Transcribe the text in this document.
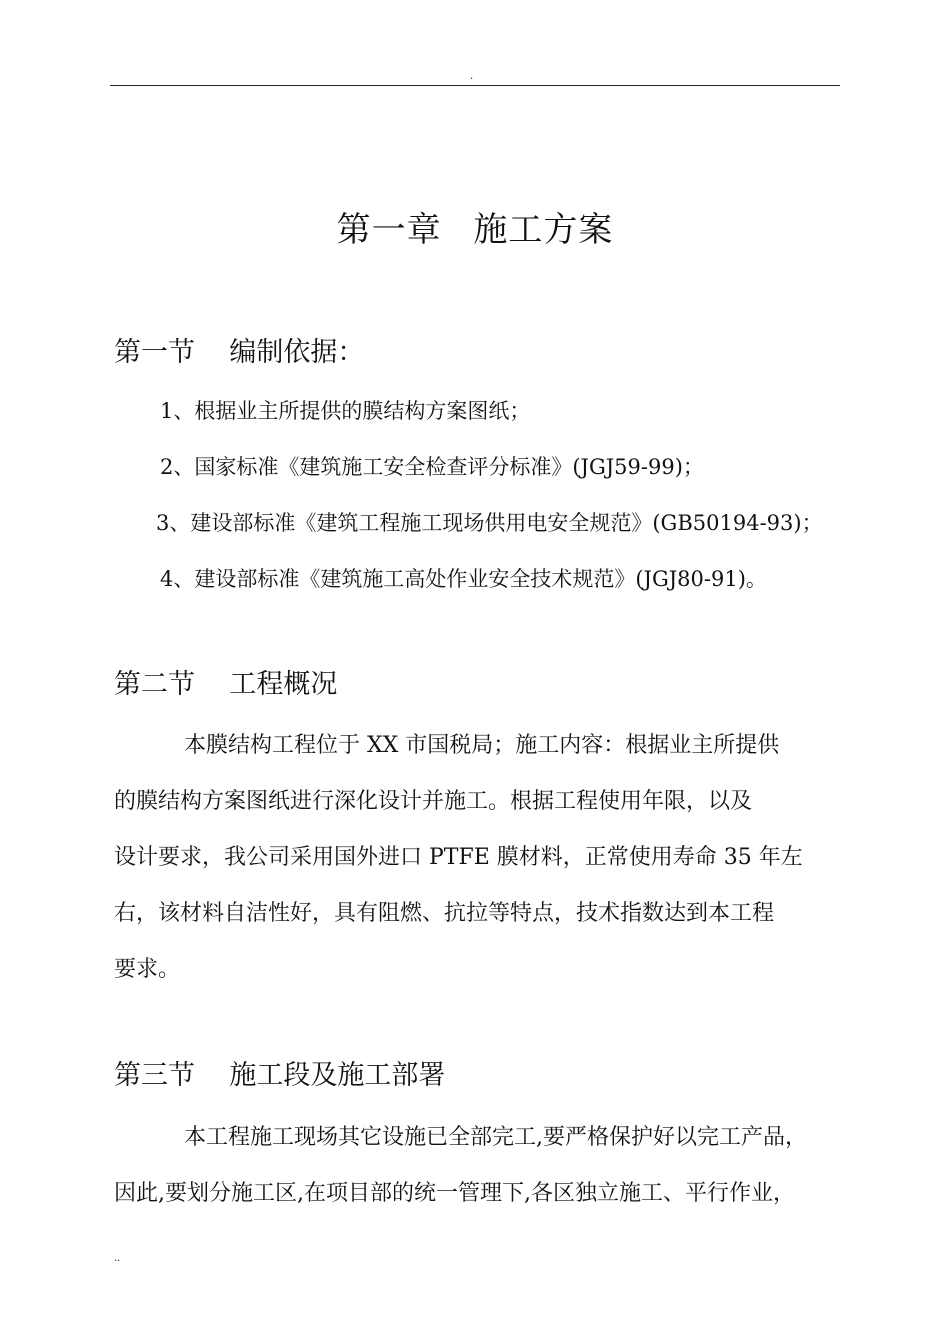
.
第一章 施工方案
第一节    编制依据：
1、根据业主所提供的膜结构方案图纸；
2、国家标准《建筑施工安全检查评分标准》(JGJ59-99)；
3、建设部标准《建筑工程施工现场供用电安全规范》(GB50194-93)；
4、建设部标准《建筑施工高处作业安全技术规范》(JGJ80-91)。
第二节    工程概况
本膜结构工程位于 XX 市国税局；施工内容：根据业主所提供
的膜结构方案图纸进行深化设计并施工。根据工程使用年限，以及
设计要求，我公司采用国外进口 PTFE 膜材料，正常使用寿命 35 年左
右，该材料自洁性好，具有阻燃、抗拉等特点，技术指数达到本工程
要求。
第三节    施工段及施工部署
本工程施工现场其它设施已全部完工,要严格保护好以完工产品，
因此,要划分施工区,在项目部的统一管理下,各区独立施工、平行作业，
..
